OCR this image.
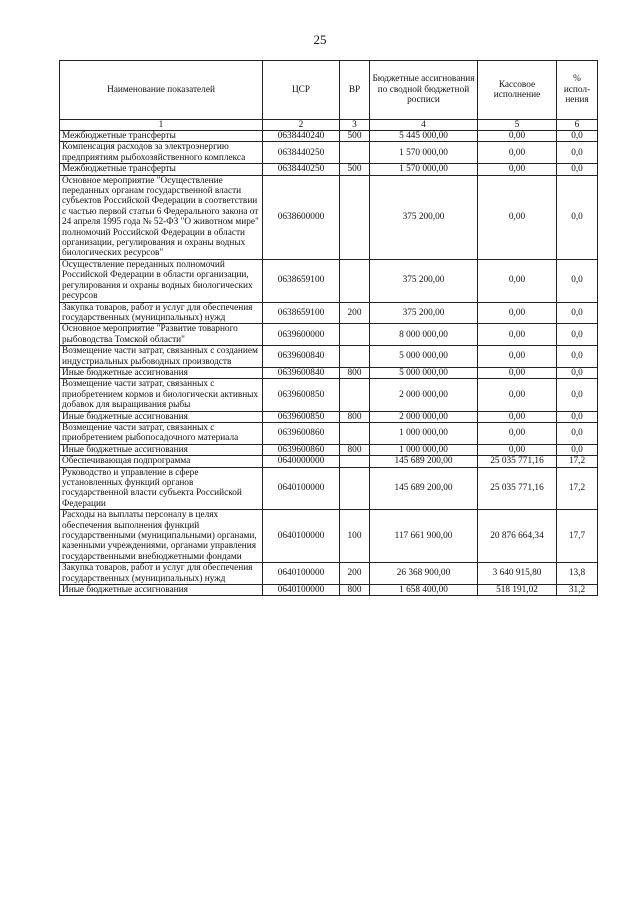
25
Наименование показателей	ЦСР	ВР	Бюджетные ассигнования по сводной бюджетной росписи	Кассовое исполнение	% испол-нения
1	2	3	4	5	6
Межбюджетные трансферты	0638440240	500	5 445 000,00	0,00	0,0
Компенсация расходов за электроэнергию предприятиям рыбохозяйственного комплекса	0638440250		1 570 000,00	0,00	0,0
Межбюджетные трансферты	0638440250	500	1 570 000,00	0,00	0,0
Основное мероприятие "Осуществление переданных органам государственной власти субъектов Российской Федерации в соответствии с частью первой статьи 6 Федерального закона от 24 апреля 1995 года № 52-ФЗ "О животном мире" полномочий Российской Федерации в области организации, регулирования и охраны водных биологических ресурсов"	0638600000		375 200,00	0,00	0,0
Осуществление переданных полномочий Российской Федерации в области организации, регулирования и охраны водных биологических ресурсов	0638659100		375 200,00	0,00	0,0
Закупка товаров, работ и услуг для обеспечения государственных (муниципальных) нужд	0638659100	200	375 200,00	0,00	0,0
Основное мероприятие "Развитие товарного рыбоводства Томской области"	0639600000		8 000 000,00	0,00	0,0
Возмещение части затрат, связанных с созданием индустриальных рыбоводных производств	0639600840		5 000 000,00	0,00	0,0
Иные бюджетные ассигнования	0639600840	800	5 000 000,00	0,00	0,0
Возмещение части затрат, связанных с приобретением кормов и биологически активных добавок для выращивания рыбы	0639600850		2 000 000,00	0,00	0,0
Иные бюджетные ассигнования	0639600850	800	2 000 000,00	0,00	0,0
Возмещение части затрат, связанных с приобретением рыбопосадочного материала	0639600860		1 000 000,00	0,00	0,0
Иные бюджетные ассигнования	0639600860	800	1 000 000,00	0,00	0,0
Обеспечивающая подпрограмма	0640000000		145 689 200,00	25 035 771,16	17,2
Руководство и управление в сфере установленных функций органов государственной власти субъекта Российской Федерации	0640100000		145 689 200,00	25 035 771,16	17,2
Расходы на выплаты персоналу в целях обеспечения выполнения функций государственными (муниципальными) органами, казенными учреждениями, органами управления государственными внебюджетными фондами	0640100000	100	117 661 900,00	20 876 664,34	17,7
Закупка товаров, работ и услуг для обеспечения государственных (муниципальных) нужд	0640100000	200	26 368 900,00	3 640 915,80	13,8
Иные бюджетные ассигнования	0640100000	800	1 658 400,00	518 191,02	31,2
